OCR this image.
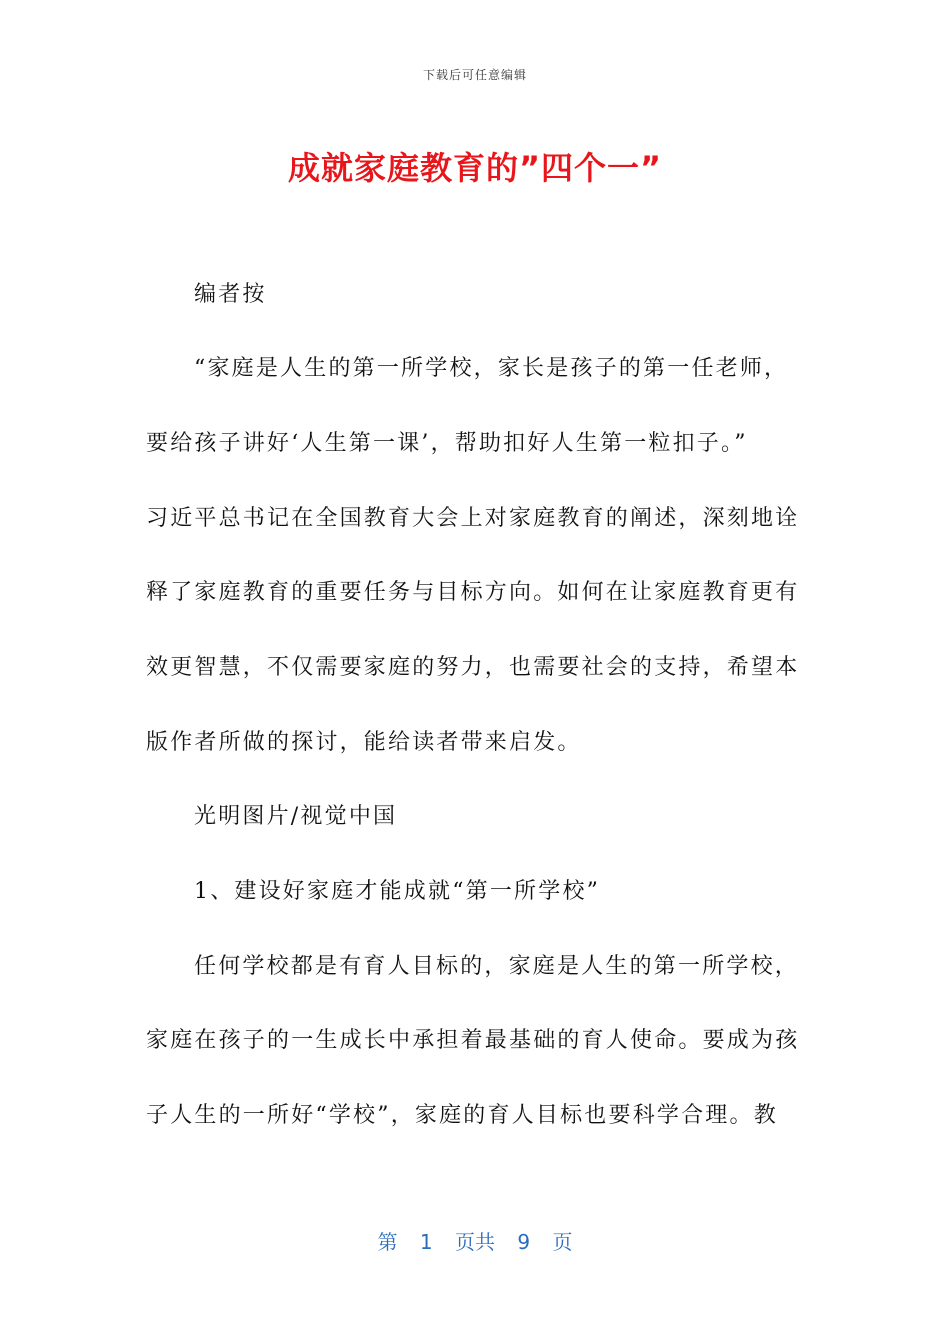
下载后可任意编辑
成就家庭教育的”四个一”
编者按
“家庭是人生的第一所学校，家长是孩子的第一任老师，
要给孩子讲好‘人生第一课’，帮助扣好人生第一粒扣子。”
习近平总书记在全国教育大会上对家庭教育的阐述，深刻地诠
释了家庭教育的重要任务与目标方向。如何在让家庭教育更有
效更智慧，不仅需要家庭的努力，也需要社会的支持，希望本
版作者所做的探讨，能给读者带来启发。
光明图片/视觉中国
1、建设好家庭才能成就“第一所学校”
任何学校都是有育人目标的，家庭是人生的第一所学校，
家庭在孩子的一生成长中承担着最基础的育人使命。要成为孩
子人生的一所好“学校”，家庭的育人目标也要科学合理。教
第 1 页共 9 页
